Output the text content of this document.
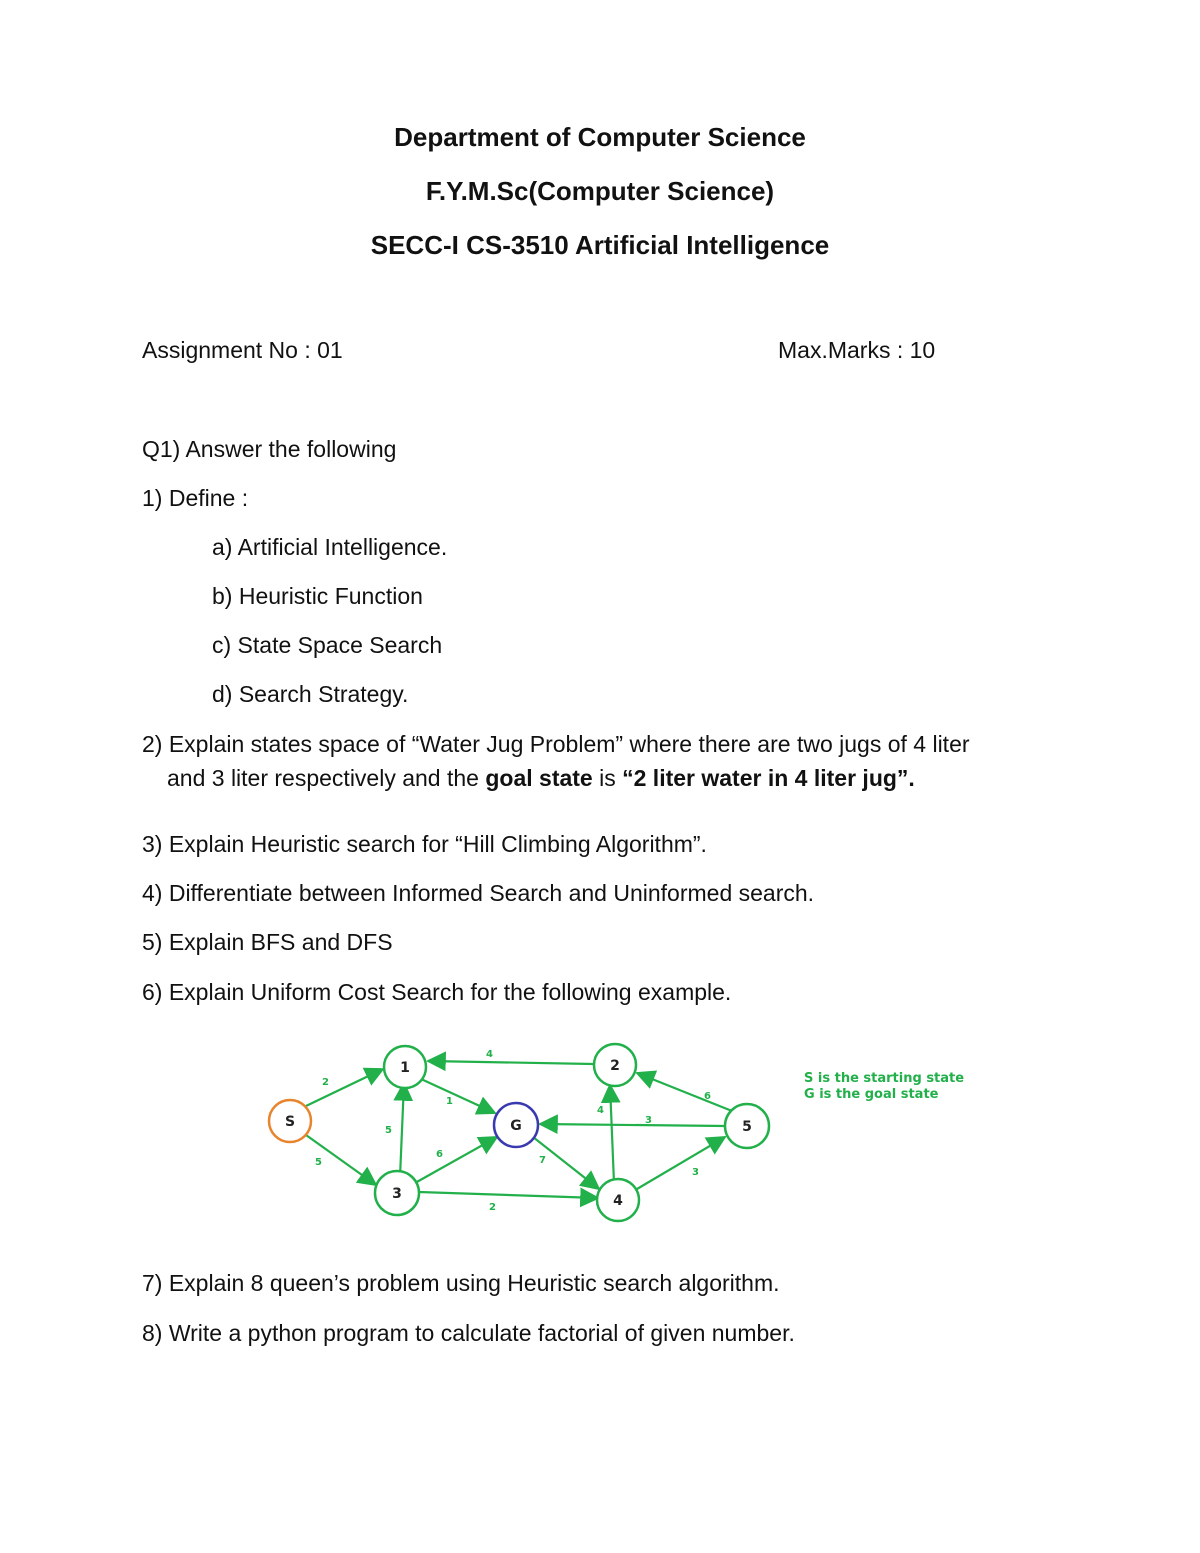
Department of Computer Science
F.Y.M.Sc(Computer Science)
SECC-I CS-3510 Artificial Intelligence
Assignment No : 01	Max.Marks : 10
Q1) Answer the following
1) Define :
a) Artificial Intelligence.
b) Heuristic Function
c) State Space Search
d) Search Strategy.
2) Explain states space of “Water Jug Problem” where there are two jugs of 4 liter
and 3 liter respectively and the goal state is “2 liter water in 4 liter jug”.
3) Explain Heuristic search for “Hill Climbing Algorithm”.
4) Differentiate between Informed Search and Uninformed search.
5) Explain BFS and DFS
6) Explain Uniform Cost Search for the following example.
2
5
4
1
5
6
7
2
4
3
6
3
S
1
G
2
5
3	4
S is the starting state
G is the goal state
7) Explain 8 queen’s problem using Heuristic search algorithm.
8) Write a python program to calculate factorial of given number.
